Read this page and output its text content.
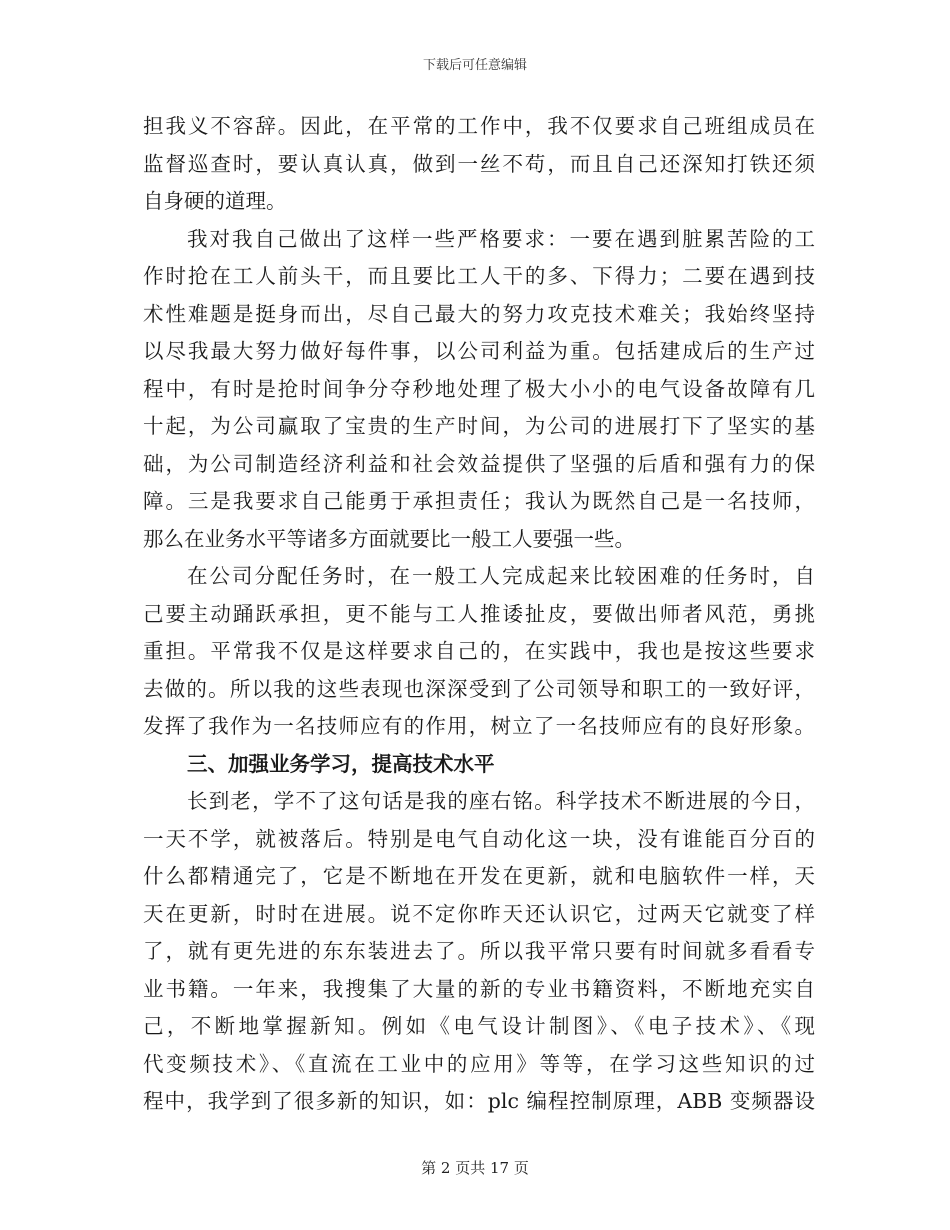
下载后可任意编辑
担我义不容辞。因此，在平常的工作中，我不仅要求自己班组成员在
监督巡查时，要认真认真，做到一丝不苟，而且自己还深知打铁还须
自身硬的道理。
我对我自己做出了这样一些严格要求：一要在遇到脏累苦险的工
作时抢在工人前头干，而且要比工人干的多、下得力；二要在遇到技
术性难题是挺身而出，尽自己最大的努力攻克技术难关；我始终坚持
以尽我最大努力做好每件事，以公司利益为重。包括建成后的生产过
程中，有时是抢时间争分夺秒地处理了极大小小的电气设备故障有几
十起，为公司赢取了宝贵的生产时间，为公司的进展打下了坚实的基
础，为公司制造经济利益和社会效益提供了坚强的后盾和强有力的保
障。三是我要求自己能勇于承担责任；我认为既然自己是一名技师，
那么在业务水平等诸多方面就要比一般工人要强一些。
在公司分配任务时，在一般工人完成起来比较困难的任务时，自
己要主动踊跃承担，更不能与工人推诿扯皮，要做出师者风范，勇挑
重担。平常我不仅是这样要求自己的，在实践中，我也是按这些要求
去做的。所以我的这些表现也深深受到了公司领导和职工的一致好评，
发挥了我作为一名技师应有的作用，树立了一名技师应有的良好形象。
三、加强业务学习，提高技术水平
长到老，学不了这句话是我的座右铭。科学技术不断进展的今日，
一天不学，就被落后。特别是电气自动化这一块，没有谁能百分百的
什么都精通完了，它是不断地在开发在更新，就和电脑软件一样，天
天在更新，时时在进展。说不定你昨天还认识它，过两天它就变了样
了，就有更先进的东东装进去了。所以我平常只要有时间就多看看专
业书籍。一年来，我搜集了大量的新的专业书籍资料，不断地充实自
己，不断地掌握新知。例如《电气设计制图》、《电子技术》、《现
代变频技术》、《直流在工业中的应用》等等，在学习这些知识的过
程中，我学到了很多新的知识，如：plc 编程控制原理，ABB 变频器设
第 2 页共 17 页
